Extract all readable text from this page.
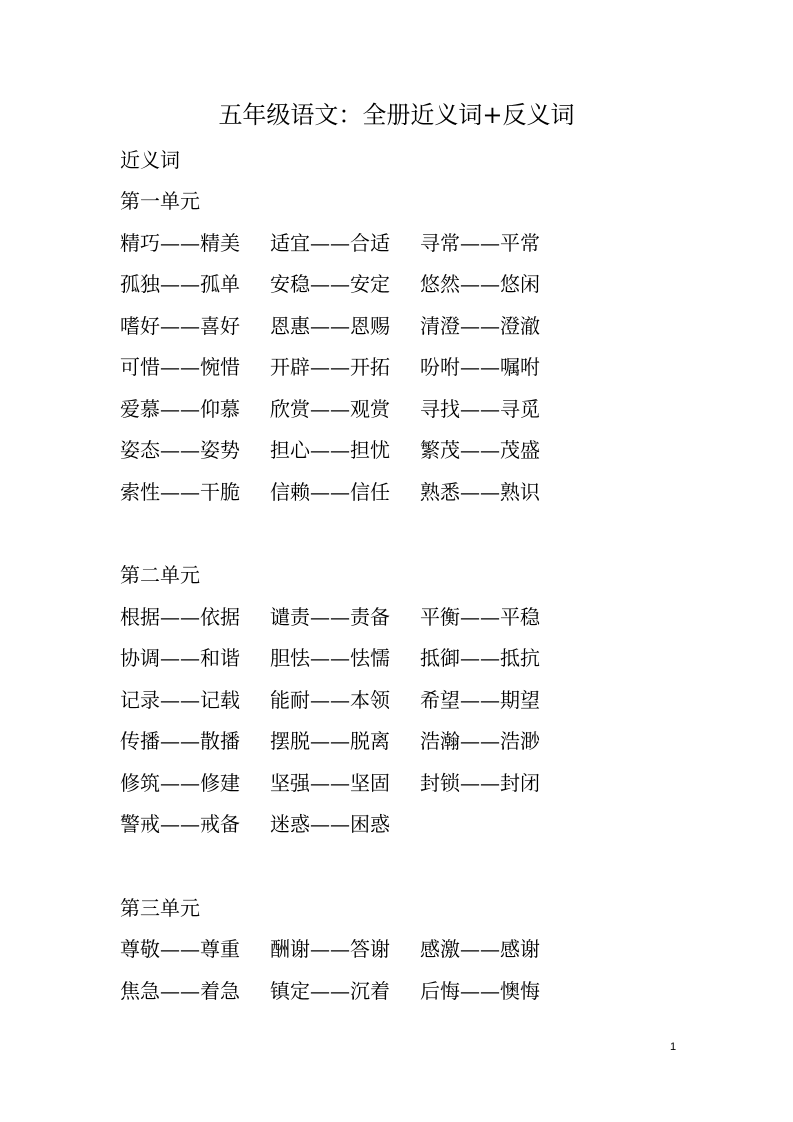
五年级语文：全册近义词+反义词
近义词
第一单元
精巧——精美 适宜——合适 寻常——平常
孤独——孤单 安稳——安定 悠然——悠闲
嗜好——喜好 恩惠——恩赐 清澄——澄澈
可惜——惋惜 开辟——开拓 吩咐——嘱咐
爱慕——仰慕 欣赏——观赏 寻找——寻觅
姿态——姿势 担心——担忧 繁茂——茂盛
索性——干脆 信赖——信任 熟悉——熟识
第二单元
根据——依据 谴责——责备 平衡——平稳
协调——和谐 胆怯——怯懦 抵御——抵抗
记录——记载 能耐——本领 希望——期望
传播——散播 摆脱——脱离 浩瀚——浩渺
修筑——修建 坚强——坚固 封锁——封闭
警戒——戒备 迷惑——困惑
第三单元
尊敬——尊重 酬谢——答谢 感激——感谢
焦急——着急 镇定——沉着 后悔——懊悔
1
